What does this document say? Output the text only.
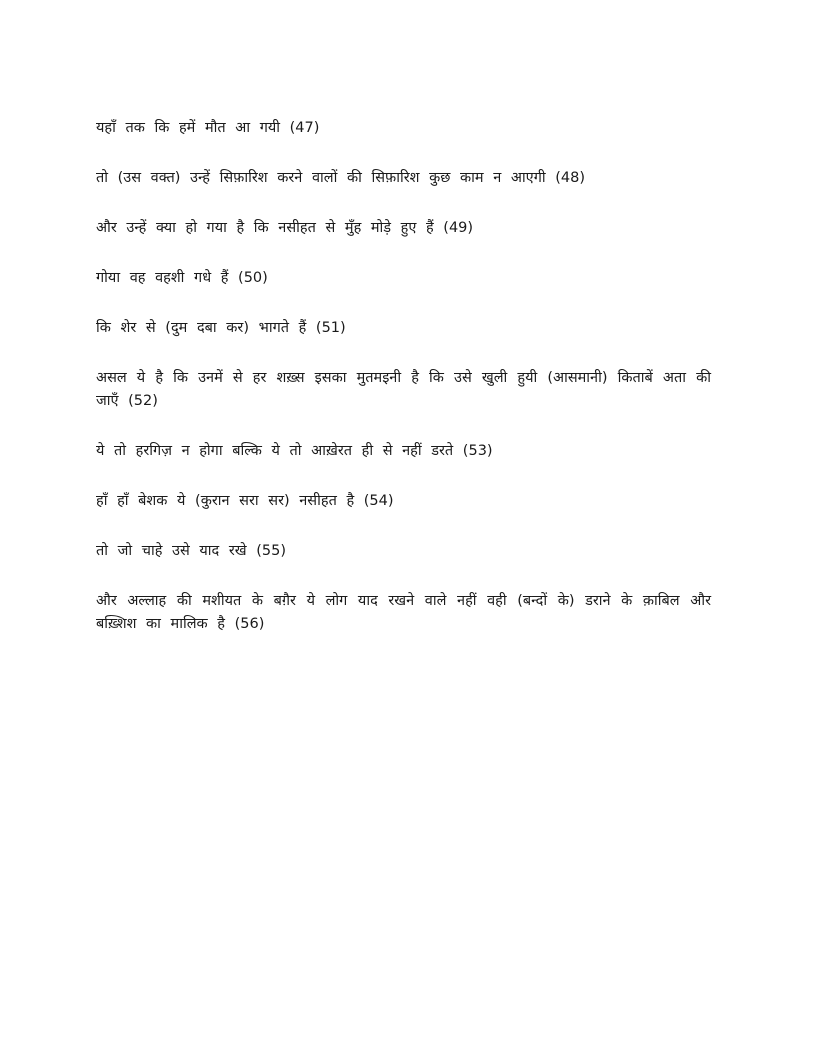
यहाँ तक कि हमें मौत आ गयी (47)

तो (उस वक्त) उन्हें सिफ़ारिश करने वालों की सिफ़ारिश कुछ काम न आएगी (48)

और उन्हें क्या हो गया है कि नसीहत से मुँह मोड़े हुए हैं (49)

गोया वह वहशी गधे हैं (50)

कि शेर से (दुम दबा कर) भागते हैं (51)

असल ये है कि उनमें से हर शख़्स इसका मुतमइनी है कि उसे खुली हुयी (आसमानी) किताबें अता की जाएँ (52)

ये तो हरगिज़ न होगा बल्कि ये तो आख़ेरत ही से नहीं डरते (53)

हाँ हाँ बेशक ये (कुरान सरा सर) नसीहत है (54)

तो जो चाहे उसे याद रखे (55)

और अल्लाह की मशीयत के बग़ैर ये लोग याद रखने वाले नहीं वही (बन्दों के) डराने के क़ाबिल और बख़्शिश का मालिक है (56)
